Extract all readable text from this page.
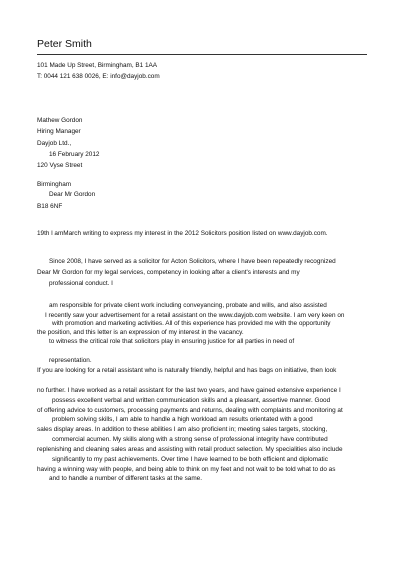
Peter Smith
101 Made Up Street, Birmingham, B1 1AA
T: 0044 121 638 0026, E: info@dayjob.com
Mathew Gordon
Hiring Manager
Dayjob Ltd.,
16 February 2012
120 Vyse Street
Birmingham
Dear Mr Gordon
B18 6NF
19th l amMarch writing to express my interest in the 2012 Solicitors position listed on www.dayjob.com.
Since 2008, I have served as a solicitor for Acton Solicitors, where I have been repeatedly recognized
Dear Mr Gordon for my legal services, competency in looking after a client's interests and my
professional conduct. I
am responsible for private client work including conveyancing, probate and wills, and also assisted
I recently saw your advertisement for a retail assistant on the www.dayjob.com website. I am very keen on
with promotion and marketing activities. All of this experience has provided me with the opportunity
the position, and this letter is an expression of my interest in the vacancy.
to witness the critical role that solicitors play in ensuring justice for all parties in need of
representation.
If you are looking for a retail assistant who is naturally friendly, helpful and has bags on initiative, then look
no further. I have worked as a retail assistant for the last two years, and have gained extensive experience I
possess excellent verbal and written communication skills and a pleasant, assertive manner. Good
of offering advice to customers, processing payments and returns, dealing with complaints and monitoring at
problem solving skills, I am able to handle a high workload am results orientated with a good
sales display areas. In addition to these abilities I am also proficient in; meeting sales targets, stocking,
commercial acumen. My skills along with a strong sense of professional integrity have contributed
replenishing and cleaning sales areas and assisting with retail product selection. My specialities also include
significantly to my past achievements. Over time I have learned to be both efficient and diplomatic
having a winning way with people, and being able to think on my feet and not wait to be told what to do as
and to handle a number of different tasks at the same.
